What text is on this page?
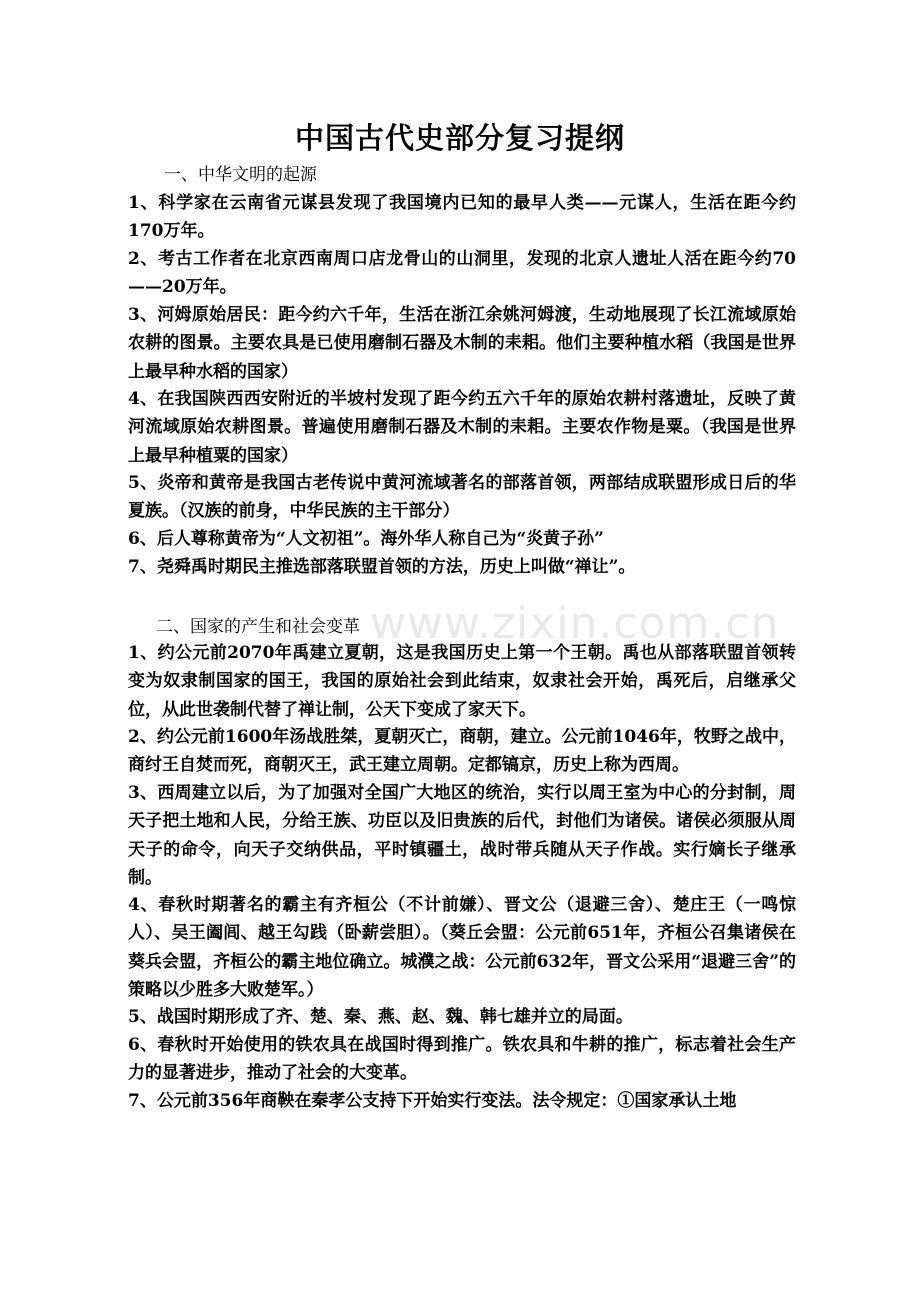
www.zixin.com.cn
中国古代史部分复习提纲
一、中华文明的起源
1、科学家在云南省元谋县发现了我国境内已知的最早人类——元谋人，生活在距今约170万年。
2、考古工作者在北京西南周口店龙骨山的山洞里，发现的北京人遗址人活在距今约70——20万年。
3、河姆原始居民：距今约六千年，生活在浙江余姚河姆渡，生动地展现了长江流域原始农耕的图景。主要农具是已使用磨制石器及木制的耒耜。他们主要种植水稻（我国是世界上最早种水稻的国家）
4、在我国陕西西安附近的半坡村发现了距今约五六千年的原始农耕村落遗址，反映了黄河流域原始农耕图景。普遍使用磨制石器及木制的耒耜。主要农作物是粟。（我国是世界上最早种植粟的国家）
5、炎帝和黄帝是我国古老传说中黄河流域著名的部落首领，两部结成联盟形成日后的华夏族。（汉族的前身，中华民族的主干部分）
6、后人尊称黄帝为“人文初祖”。海外华人称自己为“炎黄子孙”
7、尧舜禹时期民主推选部落联盟首领的方法，历史上叫做“禅让”。
二、国家的产生和社会变革
1、约公元前2070年禹建立夏朝，这是我国历史上第一个王朝。禹也从部落联盟首领转变为奴隶制国家的国王，我国的原始社会到此结束，奴隶社会开始，禹死后，启继承父位，从此世袭制代替了禅让制，公天下变成了家天下。
2、约公元前1600年汤战胜桀，夏朝灭亡，商朝，建立。公元前1046年，牧野之战中，商纣王自焚而死，商朝灭王，武王建立周朝。定都镐京，历史上称为西周。
3、西周建立以后，为了加强对全国广大地区的统治，实行以周王室为中心的分封制，周天子把土地和人民，分给王族、功臣以及旧贵族的后代，封他们为诸侯。诸侯必须服从周天子的命令，向天子交纳供品，平时镇疆土，战时带兵随从天子作战。实行嫡长子继承制。
4、春秋时期著名的霸主有齐桓公（不计前嫌）、晋文公（退避三舍）、楚庄王（一鸣惊人）、吴王阖闾、越王勾践（卧薪尝胆）。（葵丘会盟：公元前651年，齐桓公召集诸侯在葵兵会盟，齐桓公的霸主地位确立。城濮之战：公元前632年，晋文公采用“退避三舍”的策略以少胜多大败楚军。）
5、战国时期形成了齐、楚、秦、燕、赵、魏、韩七雄并立的局面。
6、春秋时开始使用的铁农具在战国时得到推广。铁农具和牛耕的推广，标志着社会生产力的显著进步，推动了社会的大变革。
7、公元前356年商鞅在秦孝公支持下开始实行变法。法令规定：①国家承认土地
